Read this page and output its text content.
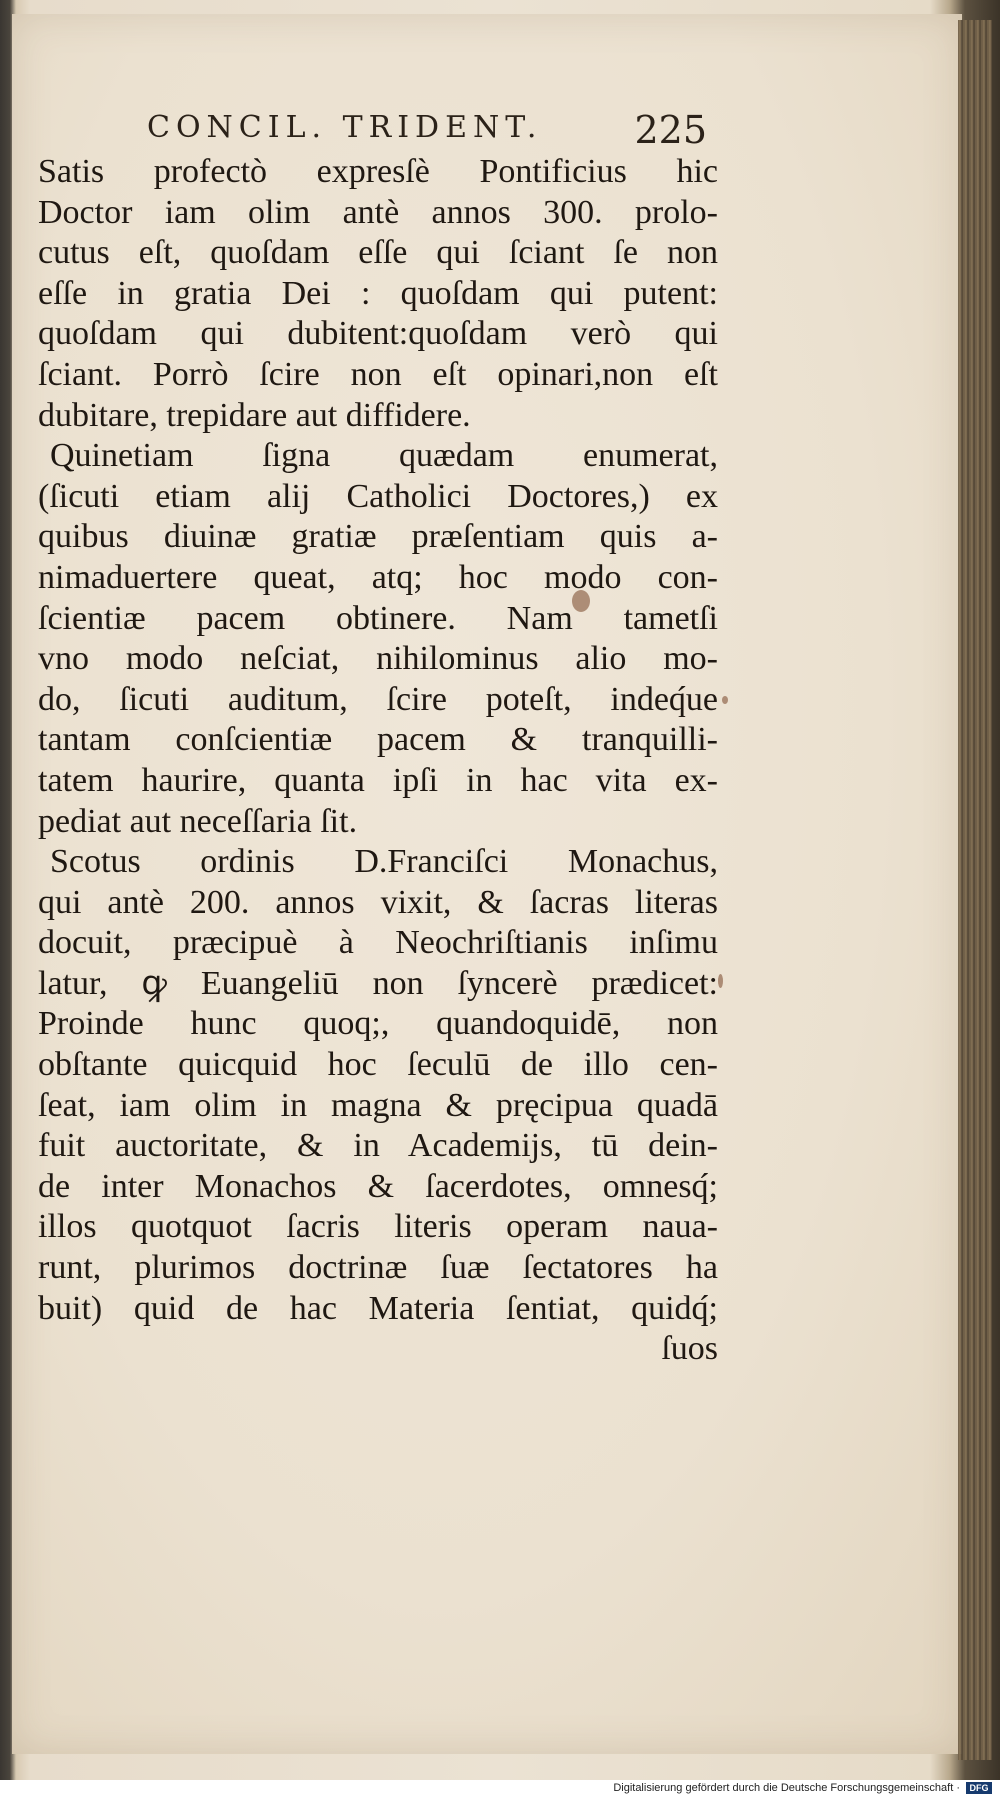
CONCIL. TRIDENT. 225
Satis profectò expresſè Pontificius hic
Doctor iam olim antè annos 300. prolo-
cutus eſt, quoſdam eſſe qui ſciant ſe non
eſſe in gratia Dei : quoſdam qui putent:
quoſdam qui dubitent:quoſdam verò qui
ſciant. Porrò ſcire non eſt opinari,non eſt
dubitare, trepidare aut diffidere.
Quinetiam ſigna quædam enumerat,
(ſicuti etiam alij Catholici Doctores,) ex
quibus diuinæ gratiæ præſentiam quis a-
nimaduertere queat, atq; hoc modo con-
ſcientiæ pacem obtinere. Nam tametſi
vno modo neſciat, nihilominus alio mo-
do, ſicuti auditum, ſcire poteſt, indeq́ue
tantam conſcientiæ pacem & tranquilli-
tatem haurire, quanta ipſi in hac vita ex-
pediat aut neceſſaria ſit.
Scotus ordinis D.Franciſci Monachus,
qui antè 200. annos vixit, & ſacras literas
docuit, præcipuè à Neochriſtianis inſimu
latur, ꝙ Euangeliū non ſyncerè prædicet:
Proinde hunc quoq;, quandoquidē, non
obſtante quicquid hoc ſeculū de illo cen-
ſeat, iam olim in magna & pręcipua quadā
fuit auctoritate, & in Academijs, tū dein-
de inter Monachos & ſacerdotes, omnesq́;
illos quotquot ſacris literis operam naua-
runt, plurimos doctrinæ ſuæ ſectatores ha
buit) quid de hac Materia ſentiat, quidq́;
ſuos
Digitalisierung gefördert durch die Deutsche Forschungsgemeinschaft ·	DFG
